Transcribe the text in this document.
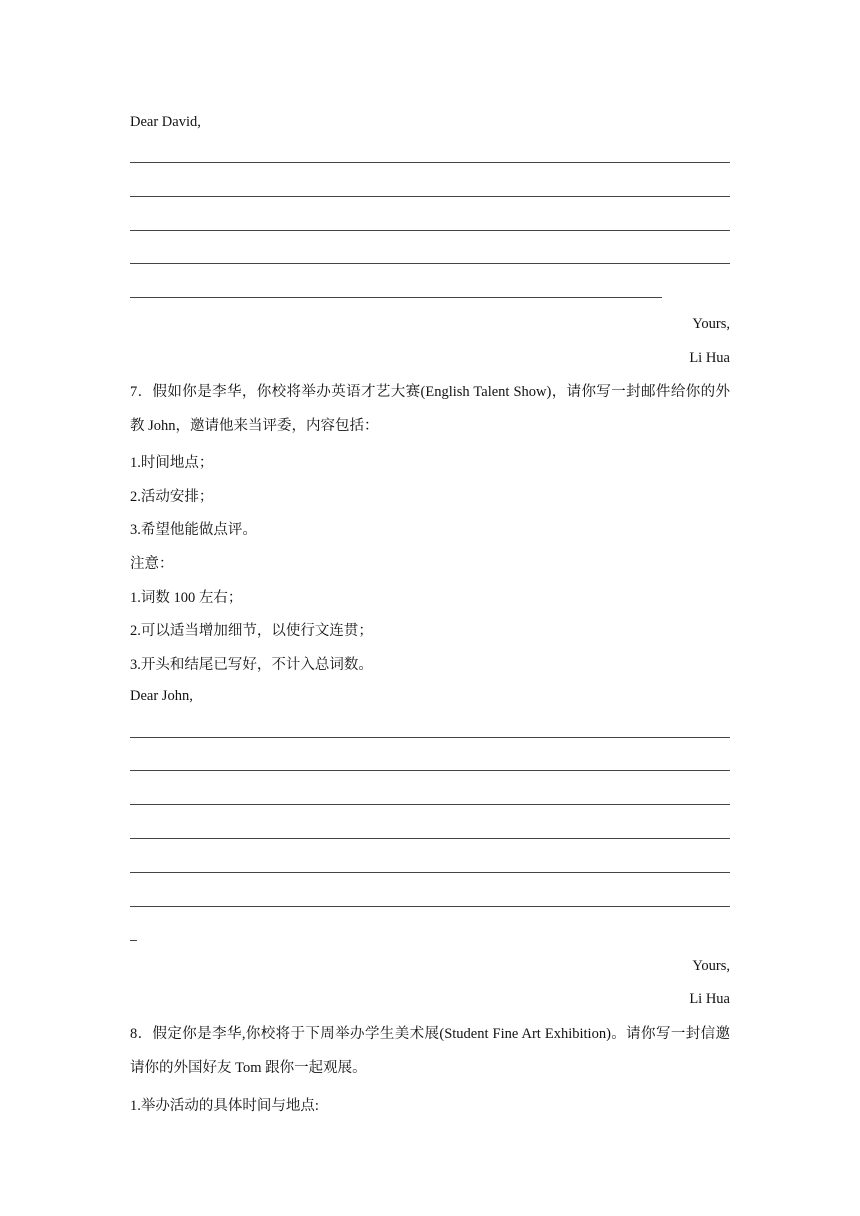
Dear David,
Yours,
Li Hua
7．假如你是李华，你校将举办英语才艺大赛(English Talent Show)，请你写一封邮件给你的外教 John，邀请他来当评委，内容包括：
1.时间地点；
2.活动安排；
3.希望他能做点评。
注意：
1.词数 100 左右；
2.可以适当增加细节，以使行文连贯；
3.开头和结尾已写好，不计入总词数。
Dear John,
Yours,
Li Hua
8．假定你是李华,你校将于下周举办学生美术展(Student Fine Art Exhibition)。请你写一封信邀请你的外国好友 Tom 跟你一起观展。
1.举办活动的具体时间与地点:
